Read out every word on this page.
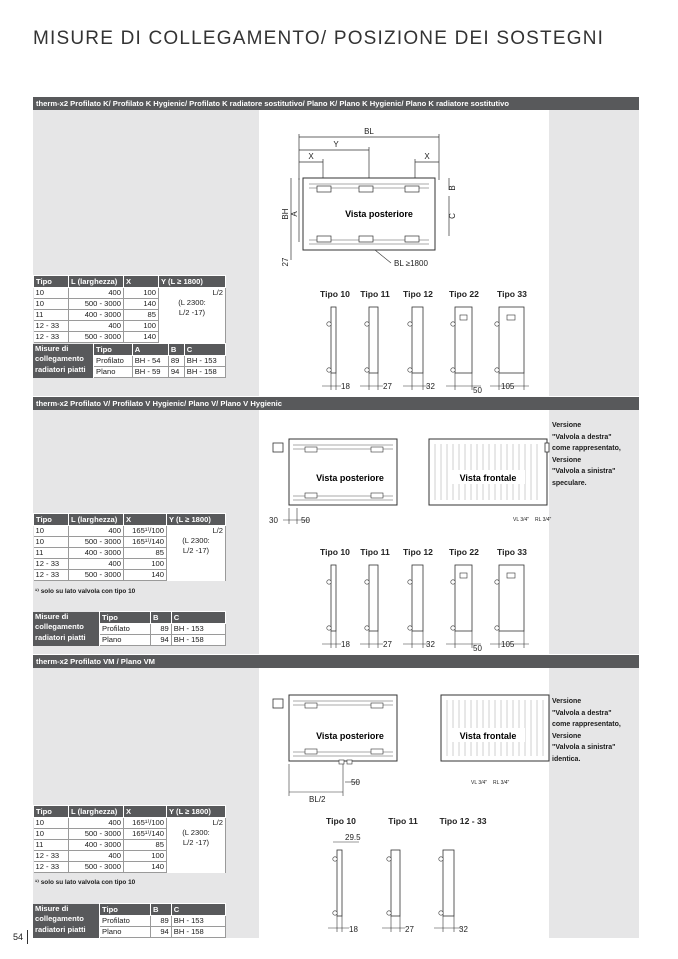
MISURE DI COLLEGAMENTO/ POSIZIONE DEI SOSTEGNI
therm-x2 Profilato K/ Profilato K Hygienic/ Profilato K radiatore sostitutivo/ Plano K/ Plano K Hygienic/ Plano K radiatore sostitutivo
Tipo	L (larghezza)	X	Y (L ≥ 1800)
10	400	100	L/2
(L 2300:
L/2 -17)

10	500 - 3000	140	
11	400 - 3000	85	
12 - 33	400	100	
12 - 33	500 - 3000	140	
Misure di
collegamento
radiatori piatti	Tipo	A	B	C
	Profilato	BH - 54	89	BH - 153
	Plano	BH - 59	94	BH - 158
Vista posteriore
BL
Y
X	X
BH A
B
C
27	BL ≥1800
Tipo 10 Tipo 11 Tipo 12 Tipo 22 Tipo 33
18	27	32	50 105
therm-x2 Profilato V/ Profilato V Hygienic/ Plano V/ Plano V Hygienic
Versione
"Valvola a destra"
come rappresentato,
Versione
"Valvola a sinistra"
speculare.
Tipo	L (larghezza)	X	Y (L ≥ 1800)
10	400	165¹⁾/100	L/2
(L 2300:
L/2 -17)

10	500 - 3000	165¹⁾/140	
11	400 - 3000	85	
12 - 33	400	100	
12 - 33	500 - 3000	140	
¹⁾ solo su lato valvola con tipo 10
Misure di
collegamento
radiatori piatti	Tipo	B	C
	Profilato	89	BH - 153
	Plano	94	BH - 158
Vista posteriore	Vista frontale
30	50	VL 3/4" RL 3/4"
Tipo 10 Tipo 11 Tipo 12 Tipo 22 Tipo 33
18	27	32	50 105
therm-x2 Profilato VM / Plano VM
Versione
"Valvola a destra"
come rappresentato,
Versione
"Valvola a sinistra"
identica.
Tipo	L (larghezza)	X	Y (L ≥ 1800)
10	400	165¹⁾/100	L/2
(L 2300:
L/2 -17)

10	500 - 3000	165¹⁾/140	
11	400 - 3000	85	
12 - 33	400	100	
12 - 33	500 - 3000	140	
¹⁾ solo su lato valvola con tipo 10
Misure di
collegamento
radiatori piatti	Tipo	B	C
	Profilato	89	BH - 153
	Plano	94	BH - 158
Vista posteriore	Vista frontale
BL/2
50
29.5
VL 3/4" RL 3/4"
Tipo 10	Tipo 11	Tipo 12 - 33
18	27	32
54
